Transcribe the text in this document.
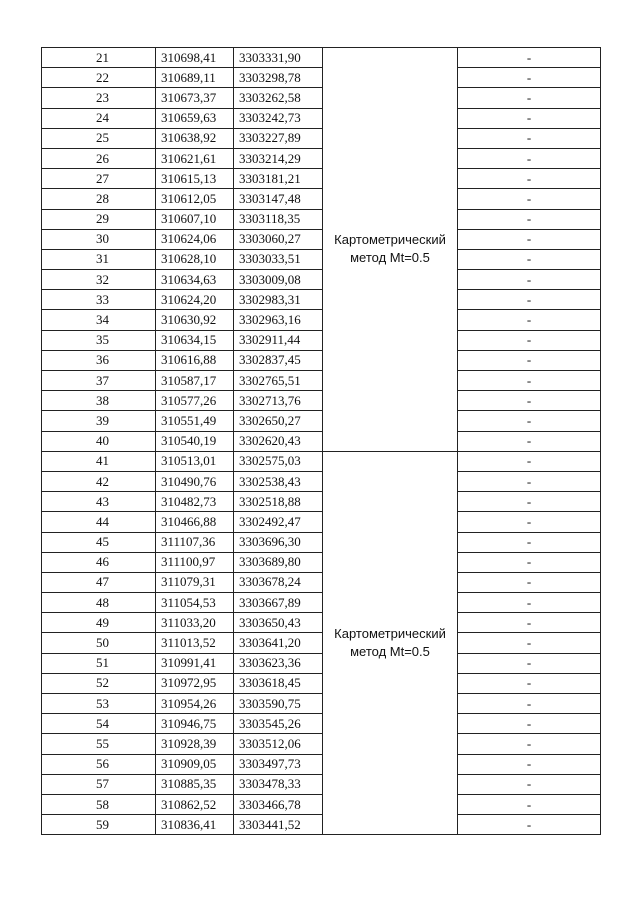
21	310698,41	3303331,90	Картометрический метод Mt=0.5	-
22	310689,11	3303298,78		-
23	310673,37	3303262,58		-
24	310659,63	3303242,73		-
25	310638,92	3303227,89		-
26	310621,61	3303214,29		-
27	310615,13	3303181,21		-
28	310612,05	3303147,48		-
29	310607,10	3303118,35		-
30	310624,06	3303060,27		-
31	310628,10	3303033,51		-
32	310634,63	3303009,08		-
33	310624,20	3302983,31		-
34	310630,92	3302963,16		-
35	310634,15	3302911,44		-
36	310616,88	3302837,45		-
37	310587,17	3302765,51		-
38	310577,26	3302713,76		-
39	310551,49	3302650,27		-
40	310540,19	3302620,43		-
41	310513,01	3302575,03	Картометрический метод Mt=0.5	-
42	310490,76	3302538,43		-
43	310482,73	3302518,88		-
44	310466,88	3302492,47		-
45	311107,36	3303696,30		-
46	311100,97	3303689,80		-
47	311079,31	3303678,24		-
48	311054,53	3303667,89		-
49	311033,20	3303650,43		-
50	311013,52	3303641,20		-
51	310991,41	3303623,36		-
52	310972,95	3303618,45		-
53	310954,26	3303590,75		-
54	310946,75	3303545,26		-
55	310928,39	3303512,06		-
56	310909,05	3303497,73		-
57	310885,35	3303478,33		-
58	310862,52	3303466,78		-
59	310836,41	3303441,52		-
